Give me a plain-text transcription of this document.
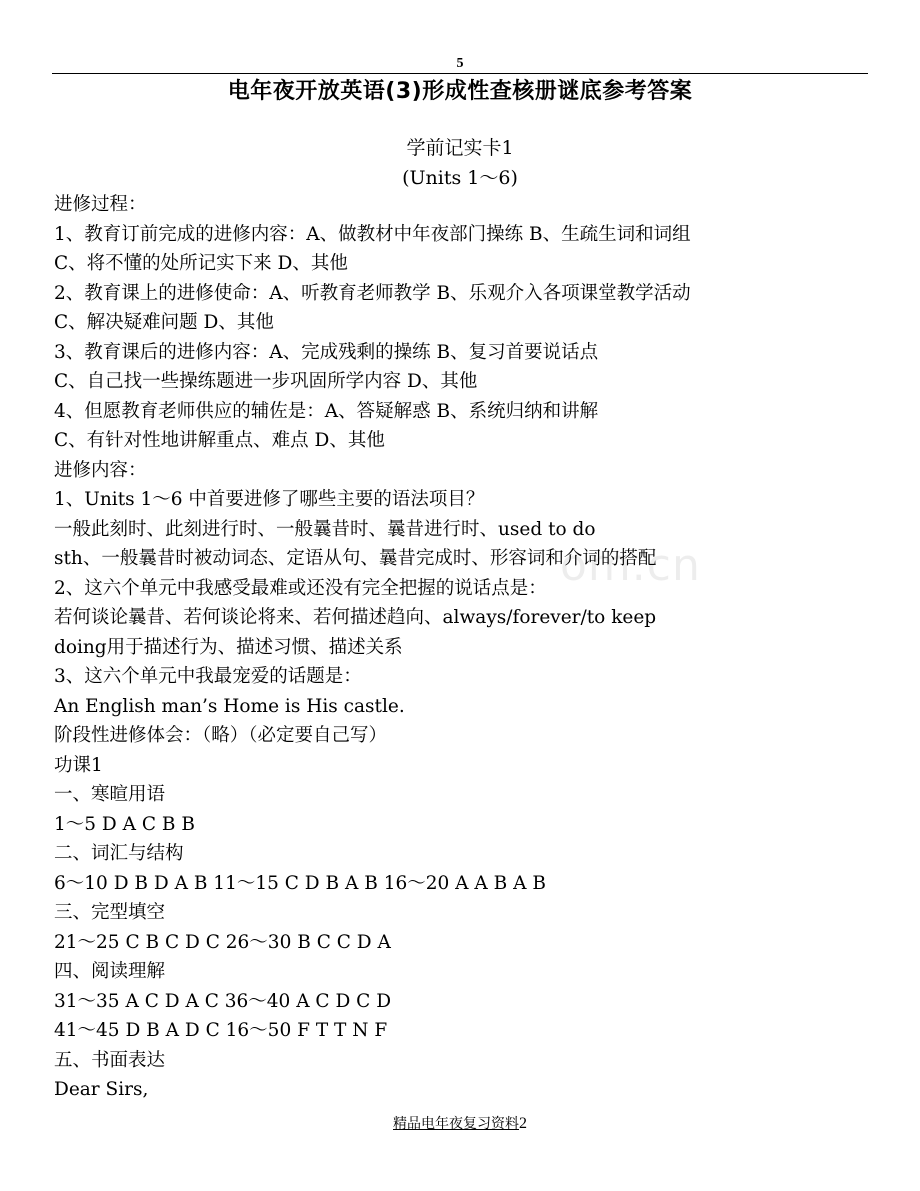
5
电年夜开放英语(3)形成性查核册谜底参考答案
学前记实卡1
(Units 1～6)
om.cn
进修过程：
1、教育订前完成的进修内容：A、做教材中年夜部门操练 B、生疏生词和词组
C、将不懂的处所记实下来 D、其他
2、教育课上的进修使命：A、听教育老师教学 B、乐观介入各项课堂教学活动
C、解决疑难问题 D、其他
3、教育课后的进修内容：A、完成残剩的操练 B、复习首要说话点
C、自己找一些操练题进一步巩固所学内容 D、其他
4、但愿教育老师供应的辅佐是：A、答疑解惑 B、系统归纳和讲解
C、有针对性地讲解重点、难点 D、其他
进修内容：
1、Units 1～6 中首要进修了哪些主要的语法项目？
一般此刻时、此刻进行时、一般曩昔时、曩昔进行时、used to do
sth、一般曩昔时被动词态、定语从句、曩昔完成时、形容词和介词的搭配
2、这六个单元中我感受最难或还没有完全把握的说话点是：
若何谈论曩昔、若何谈论将来、若何描述趋向、always/forever/to keep
doing用于描述行为、描述习惯、描述关系
3、这六个单元中我最宠爱的话题是：
An English man’s Home is His castle.
阶段性进修体会：（略）（必定要自己写）
功课1
一、寒暄用语
1～5 D A C B B
二、词汇与结构
6～10 D B D A B 11～15 C D B A B 16～20 A A B A B
三、完型填空
21～25 C B C D C 26～30 B C C D A
四、阅读理解
31～35 A C D A C 36～40 A C D C D
41～45 D B A D C 16～50 F T T N F
五、书面表达
Dear Sirs,
精品电年夜复习资料2
